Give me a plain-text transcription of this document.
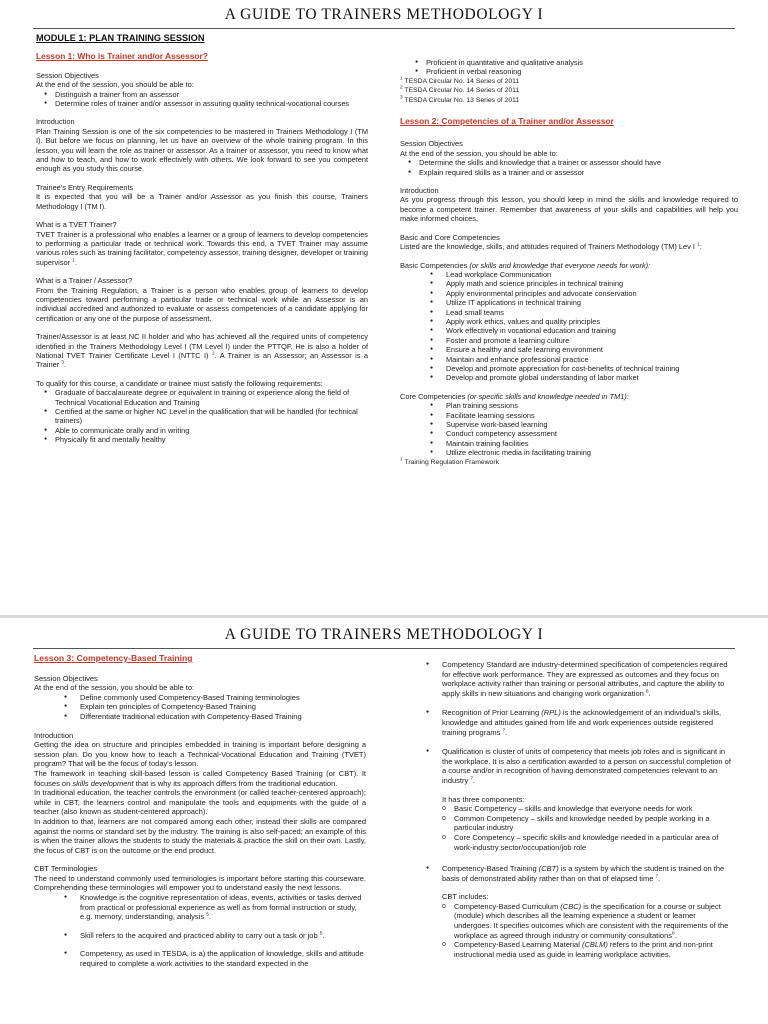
A GUIDE TO TRAINERS METHODOLOGY I
MODULE 1: PLAN TRAINING SESSION
Lesson 1: Who is Trainer and/or Assessor?
Session Objectives
At the end of the session, you should be able to:
● Distinguish a trainer from an assessor
● Determine roles of trainer and/or assessor in assuring quality technical-vocational courses
Introduction

Plan Training Session is one of the six competencies to be mastered in Trainers Methodology I (TM I). But before we focus on planning, let us have an overview of the whole training program. In this lesson, you will learn the role as trainer or assessor. As a trainer or assessor, you need to know what and how to teach, and how to work effectively with others. We look forward to see you competent enough as you study this course.

Trainee's Entry Requirements

It is expected that you will be a Trainer and/or Assessor as you finish this course, Trainers Methodology I (TM I).

What is a TVET Trainer?

TVET Trainer is a professional who enables a learner or a group of learners to develop competencies to performing a particular trade or technical work. Towards this end, a TVET Trainer may assume various roles such as training facilitator, competency assessor, training designer, developer or training supervisor $^1$.

What is a Trainer / Assessor?

From the Training Regulation, a Trainer is a person who enables group of learners to develop competencies toward performing a particular trade or technical work while an Assessor is an individual accredited and authorized to evaluate or assess competencies of a candidate applying for certification or any one of the purpose of assessment.

Trainer/Assessor is at least NC II holder and who has achieved all the required units of competency identified in the Trainers Methodology Level I (TM Level I) under the PTTQF. He is also a holder of National TVET Trainer Certificate Level I (NTTC I) $^2$. A Trainer is an Assessor; an Assessor is a Trainer $^3$.

To qualify for this course, a candidate or trainee must satisfy the following requirements:

● Graduate of baccalaureate degree or equivalent in training or experience along the field of Technical Vocational Education and Training
● Certified at the same or higher NC Level in the qualification that will be handled (for technical trainers)
● Able to communicate orally and in writing
● Physically fit and mentally healthy
● Proficient in quantitative and qualitative analysis
● Proficient in verbal reasoning
$^1$ TESDA Circular No. 14 Series of 2011
$^2$ TESDA Circular No. 14 Series of 2011
$^3$ TESDA Circular No. 13 Series of 2011
Lesson 2: Competencies of a Trainer and/or Assessor
Session Objectives
At the end of the session, you should be able to:
● Determine the skills and knowledge that a trainer or assessor should have
● Explain required skills as a trainer and or assessor
Introduction

As you progress through this lesson, you should keep in mind the skills and knowledge required to become a competent trainer. Remember that awareness of your skills and capabilities will help you make informed choices.

Basic and Core Competencies

Listed are the knowledge, skills, and attitudes required of Trainers Methodology (TM) Lev I $^1$:

Basic Competencies (or skills and knowledge that everyone needs for work):
● Lead workplace Communication
● Apply math and science principles in technical training
● Apply environmental principles and advocate conservation
● Utilize IT applications in technical training
● Lead small teams
● Apply work ethics, values and quality principles
● Work effectively in vocational education and training
● Foster and promote a learning culture
● Ensure a healthy and safe learning environment
● Maintain and enhance professional practice
● Develop and promote appreciation for cost-benefits of technical training
● Develop and promote global understanding of labor market
Core Competencies (or specific skills and knowledge needed in TM1):
● Plan training sessions
● Facilitate learning sessions
● Supervise work-based learning
● Conduct competency assessment
● Maintain training facilities
● Utilize electronic media in facilitating training
$^1$ Training Regulation Framework
A GUIDE TO TRAINERS METHODOLOGY I
Lesson 3: Competency-Based Training
Session Objectives
At the end of the session, you should be able to:
● Define commonly used Competency-Based Training terminologies
● Explain ten principles of Competency-Based Training
● Differentiate traditional education with Competency-Based Training
Introduction

Getting the idea on structure and principles embedded in training is important before designing a session plan. Do you know how to teach a Technical-Vocational Education and Training (TVET) program? That will be the focus of today's lesson.

The framework in teaching skill-based lesson is called Competency Based Training (or CBT). It focuses on skills development that is why its approach differs from the traditional education.

In traditional education, the teacher controls the environment (or called teacher-centered approach); while in CBT, the learners control and manipulate the tools and equipments with the guide of a teacher (also known as student-centered approach).

In addition to that, learners are not compared among each other, instead their skills are compared against the norms or standard set by the industry. The training is also self-paced; an example of this is when the trainer allows the students to study the materials & practice the skill on their own. Lastly, the focus of CBT is on the outcome or the end product.

CBT Terminologies

The need to understand commonly used terminologies is important before starting this courseware. Comprehending these terminologies will empower you to understand easily the next lessons.

● Knowledge is the cognitive representation of ideas, events, activities or tasks derived from practical or professional experience as well as from formal instruction or study, e.g. memory, understanding, analysis $^5$.
● Skill refers to the acquired and practiced ability to carry out a task or job $^5$.
● Competency, as used in TESDA, is a) the application of knowledge, skills and attitude required to complete a work activities to the standard expected in the
● Competency Standard are industry-determined specification of competencies required for effective work performance. They are expressed as outcomes and they focus on workplace activity rather than training or personal attributes, and capture the ability to apply skills in new situations and changing work organization $^6$.
● Recognition of Prior Learning (RPL) is the acknowledgement of an individual's skills, knowledge and attitudes gained from life and work experiences outside registered training programs $^7$.
● Qualification is cluster of units of competency that meets job roles and is significant in the workplace. It is also a certification awarded to a person on successful completion of a course and/or in recognition of having demonstrated competencies relevant to an industry $^7$.
It has three components:
o Basic Competency – skills and knowledge that everyone needs for work
o Common Competency – skills and knowledge needed by people working in a particular industry
o Core Competency – specific skills and knowledge needed in a particular area of work-industry sector/occupation/job role
● Competency-Based Training (CBT) is a system by which the student is trained on the basis of demonstrated ability rather than on that of elapsed time $^7$.
CBT includes:
o Competency-Based Curriculum (CBC) is the specification for a course or subject (module) which describes all the learning experience a student or learner undergoes. It specifies outcomes which are consistent with the requirements of the workplace as agreed through industry or community consultations$^8$.
o Competency-Based Learning Material (CBLM) refers to the print and non-print instructional media used as guide in learning workplace activities.
